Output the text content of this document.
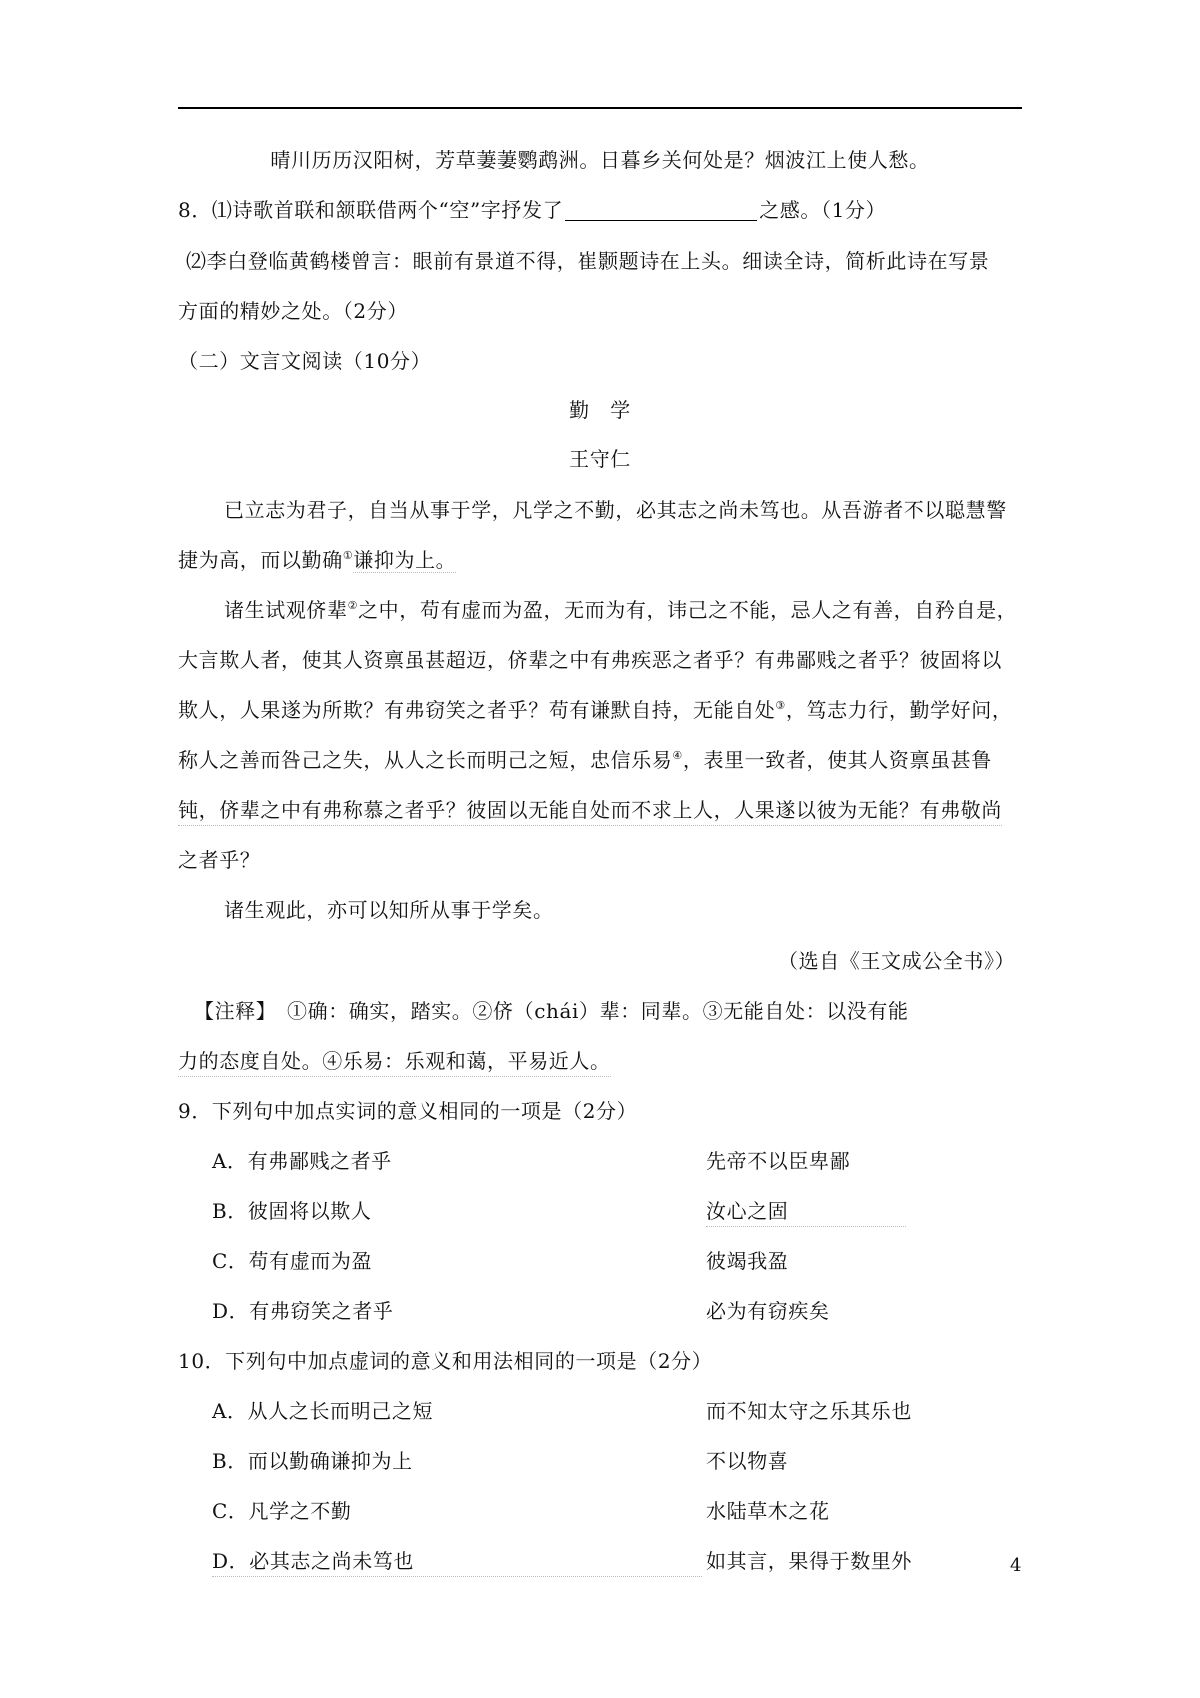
晴川历历汉阳树，芳草萋萋鹦鹉洲。日暮乡关何处是？烟波江上使人愁。
8．⑴诗歌首联和颔联借两个“空”字抒发了	之感。（1分）
⑵李白登临黄鹤楼曾言：眼前有景道不得，崔颢题诗在上头。细读全诗，简析此诗在写景
方面的精妙之处。（2分）
（二）文言文阅读（10分）
勤　学
王守仁
已立志为君子，自当从事于学，凡学之不勤，必其志之尚未笃也。从吾游者不以聪慧警
捷为高，而以勤确①谦抑为上。
诸生试观侪辈②之中，苟有虚而为盈，无而为有，讳己之不能，忌人之有善，自矜自是，
大言欺人者，使其人资禀虽甚超迈，侪辈之中有弗疾恶之者乎？有弗鄙贱之者乎？彼固将以
欺人，人果遂为所欺？有弗窃笑之者乎？苟有谦默自持，无能自处③，笃志力行，勤学好问，
称人之善而咎己之失，从人之长而明己之短，忠信乐易④，表里一致者，使其人资禀虽甚鲁
钝，侪辈之中有弗称慕之者乎？彼固以无能自处而不求上人，人果遂以彼为无能？有弗敬尚
之者乎？
诸生观此，亦可以知所从事于学矣。
（选自《王文成公全书》）
【注释】　①确：确实，踏实。②侪（chái）辈：同辈。③无能自处：以没有能
力的态度自处。④乐易：乐观和蔼，平易近人。
9．下列句中加点实词的意义相同的一项是（2分）
A．有弗鄙贱之者乎	先帝不以臣卑鄙
B．彼固将以欺人	汝心之固
C．苟有虚而为盈	彼竭我盈
D．有弗窃笑之者乎	必为有窃疾矣
10．下列句中加点虚词的意义和用法相同的一项是（2分）
A．从人之长而明己之短	而不知太守之乐其乐也
B．而以勤确谦抑为上	不以物喜
C．凡学之不勤	水陆草木之花
D．必其志之尚未笃也	如其言，果得于数里外	4
